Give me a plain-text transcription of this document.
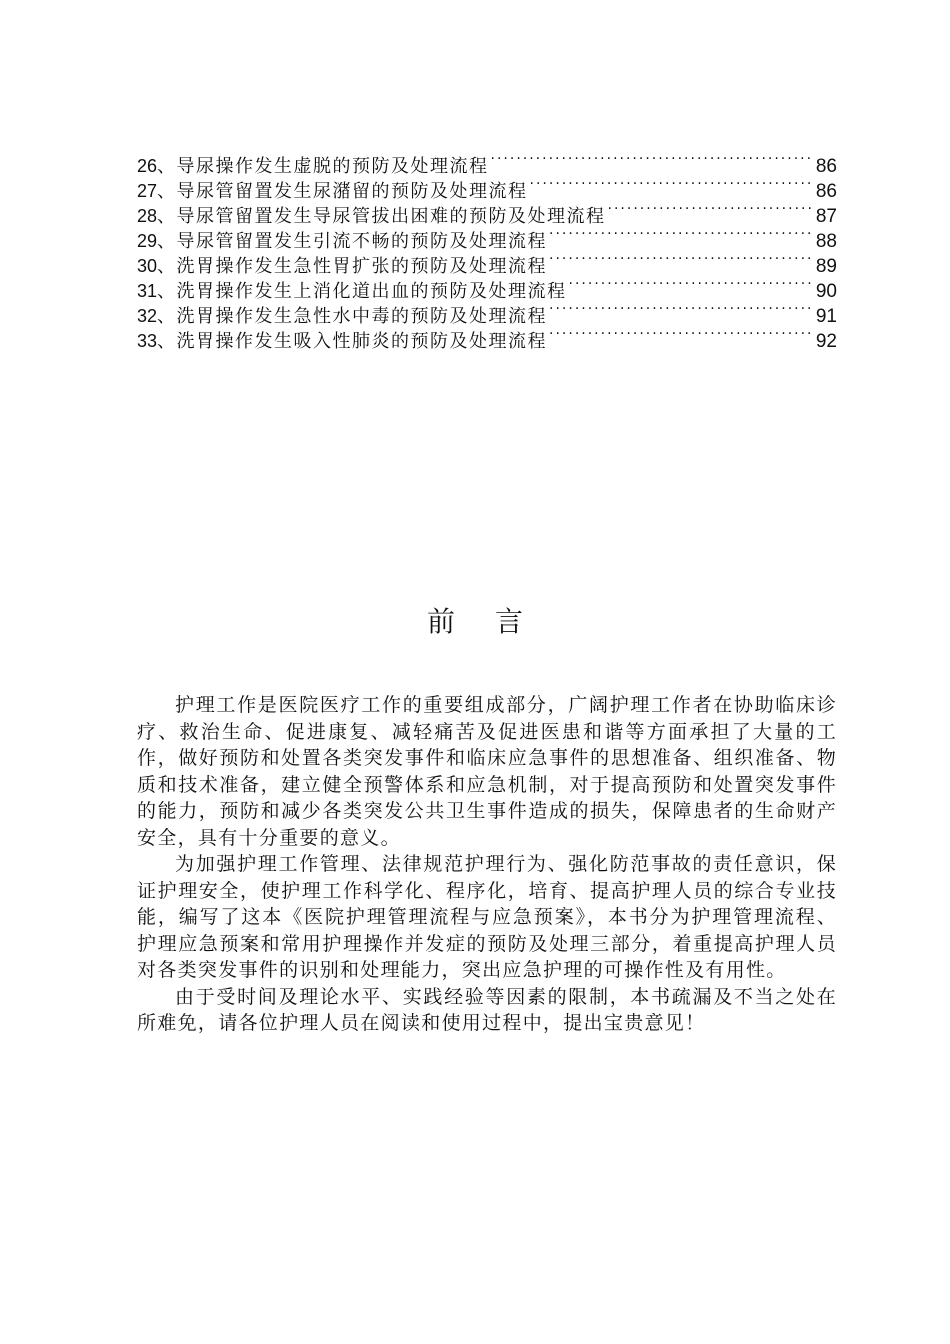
26 、导尿操作发生虚脱的预防及处理流程 ·····	86
27 、导尿管留置发生尿潴留的预防及处理流程 ·····	86
28 、导尿管留置发生导尿管拔出困难的预防及处理流程 ·····	87
29 、导尿管留置发生引流不畅的预防及处理流程 ·····	88
30 、洗胃操作发生急性胃扩张的预防及处理流程 ·····	89
31 、洗胃操作发生上消化道出血的预防及处理流程 ·····	90
32 、洗胃操作发生急性水中毒的预防及处理流程 ·····	91
33 、洗胃操作发生吸入性肺炎的预防及处理流程 ·····	92
前言

护理工作是医院医疗工作的重要组成部分，广阔护理工作者在协助临床诊疗、救治生命、促进康复、减轻痛苦及促进医患和谐等方面承担了大量的工作，做好预防和处置各类突发事件和临床应急事件的思想准备、组织准备、物质和技术准备，建立健全预警体系和应急机制，对于提高预防和处置突发事件的能力，预防和减少各类突发公共卫生事件造成的损失，保障患者的生命财产安全，具有十分重要的意义。

为加强护理工作管理、法律规范护理行为、强化防范事故的责任意识，保证护理安全，使护理工作科学化、程序化，培育、提高护理人员的综合专业技能，编写了这本《医院护理管理流程与应急预案》，本书分为护理管理流程、护理应急预案和常用护理操作并发症的预防及处理三部分，着重提高护理人员对各类突发事件的识别和处理能力，突出应急护理的可操作性及有用性。

由于受时间及理论水平、实践经验等因素的限制，本书疏漏及不当之处在所难免，请各位护理人员在阅读和使用过程中，提出宝贵意见！
